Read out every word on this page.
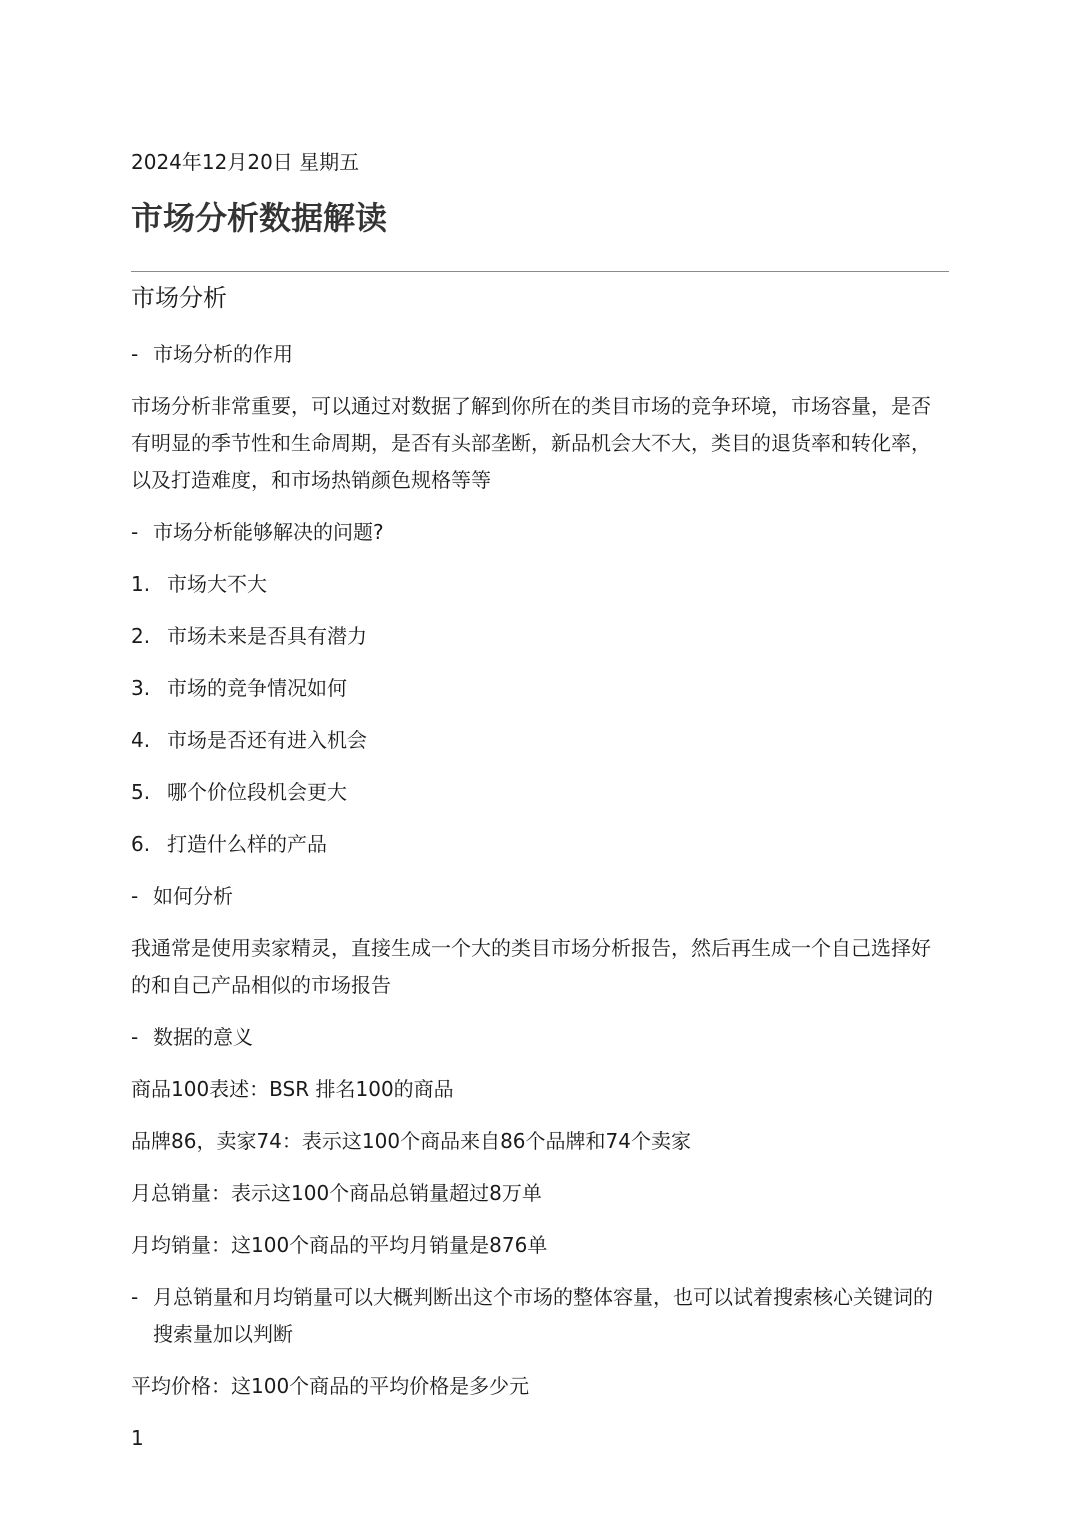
2024年12月20日 星期五
市场分析数据解读
市场分析
- 市场分析的作用
市场分析非常重要，可以通过对数据了解到你所在的类目市场的竞争环境，市场容量，是否有明显的季节性和生命周期，是否有头部垄断，新品机会大不大，类目的退货率和转化率，以及打造难度，和市场热销颜色规格等等
- 市场分析能够解决的问题?
1. 市场大不大
2. 市场未来是否具有潜力
3. 市场的竞争情况如何
4. 市场是否还有进入机会
5. 哪个价位段机会更大
6. 打造什么样的产品
- 如何分析
我通常是使用卖家精灵，直接生成一个大的类目市场分析报告，然后再生成一个自己选择好的和自己产品相似的市场报告
- 数据的意义
商品100表述：BSR 排名100的商品
品牌86，卖家74：表示这100个商品来自86个品牌和74个卖家
月总销量：表示这100个商品总销量超过8万单
月均销量：这100个商品的平均月销量是876单
- 月总销量和月均销量可以大概判断出这个市场的整体容量，也可以试着搜索核心关键词的搜索量加以判断
平均价格：这100个商品的平均价格是多少元
1
